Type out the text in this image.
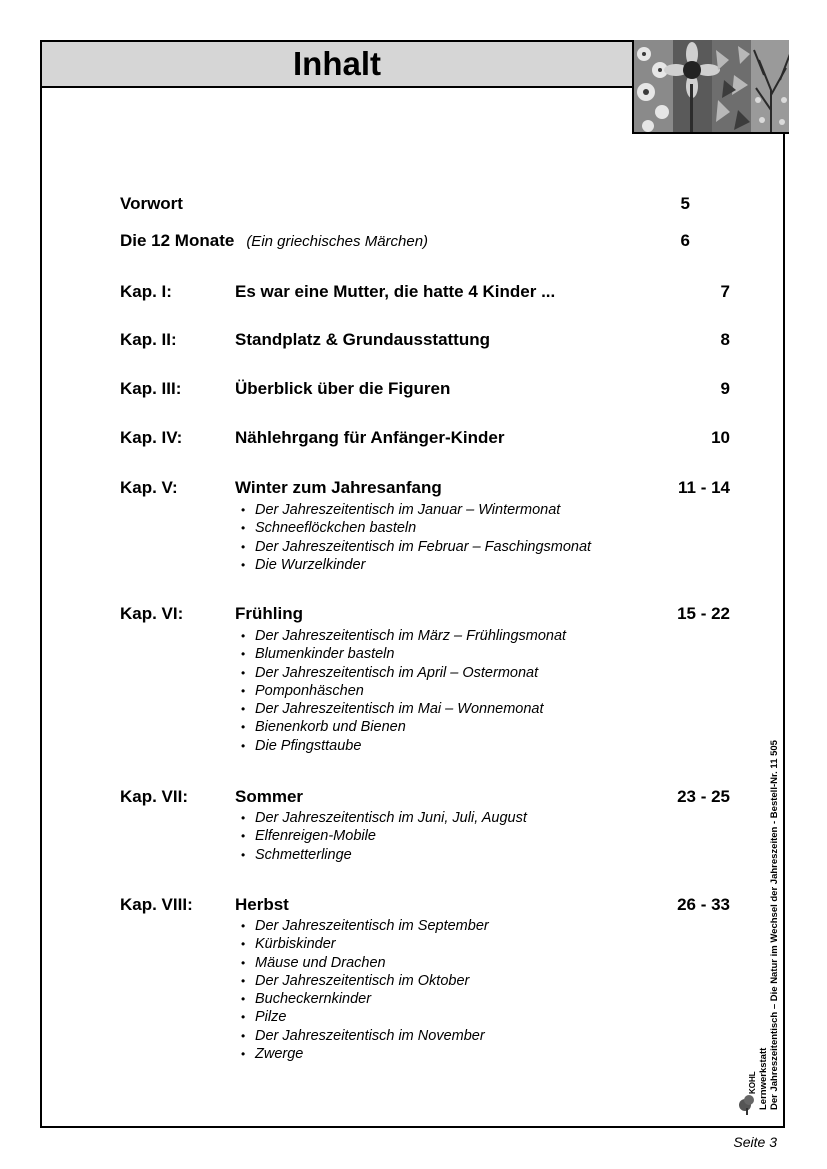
Inhalt
Vorwort	5
Die 12 Monate (Ein griechisches Märchen)	6
Kap. I:	Es war eine Mutter, die hatte 4 Kinder ...	7
Kap. II:	Standplatz & Grundausstattung	8
Kap. III:	Überblick über die Figuren	9
Kap. IV:	Nählehrgang für Anfänger-Kinder	10
Kap. V:	Winter zum Jahresanfang	11 - 14
• Der Jahreszeitentisch im Januar – Wintermonat
• Schneeflöckchen basteln
• Der Jahreszeitentisch im Februar – Faschingsmonat
• Die Wurzelkinder
Kap. VI:	Frühling	15 - 22
• Der Jahreszeitentisch im März – Frühlingsmonat
• Blumenkinder basteln
• Der Jahreszeitentisch im April – Ostermonat
• Pomponhäschen
• Der Jahreszeitentisch im Mai – Wonnemonat
• Bienenkorb und Bienen
• Die Pfingsttaube
Kap. VII:	Sommer	23 - 25
• Der Jahreszeitentisch im Juni, Juli, August
• Elfenreigen-Mobile
• Schmetterlinge
Kap. VIII: Herbst	26 - 33
• Der Jahreszeitentisch im September
• Kürbiskinder
• Mäuse und Drachen
• Der Jahreszeitentisch im Oktober
• Bucheckernkinder
• Pilze
• Der Jahreszeitentisch im November
• Zwerge
KOHL Lernwerkstatt Der Jahreszeitentisch – Die Natur im Wechsel der Jahreszeiten - Bestell-Nr. 11 505
Seite 3
